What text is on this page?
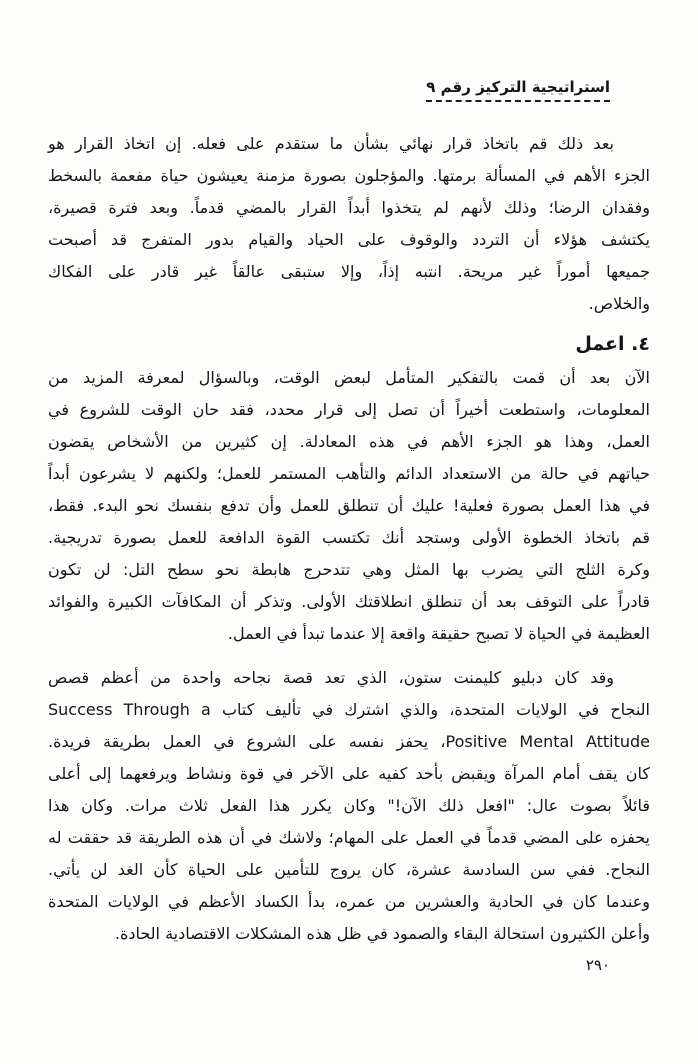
استراتيجية التركيز رقم ٩
بعد ذلك قم باتخاذ قرار نهائي بشأن ما ستقدم على فعله. إن اتخاذ القرار هو
الجزء الأهم في المسألة برمتها. والمؤجلون بصورة مزمنة يعيشون حياة مفعمة بالسخط
وفقدان الرضا؛ وذلك لأنهم لم يتخذوا أبداً القرار بالمضي قدماً. وبعد فترة قصيرة،
يكتشف هؤلاء أن التردد والوقوف على الحياد والقيام بدور المتفرج قد أصبحت
جميعها أموراً غير مريحة. انتبه إذاً، وإلا ستبقى عالقاً غير قادر على الفكاك
والخلاص.
٤. اعمل
الآن بعد أن قمت بالتفكير المتأمل لبعض الوقت، وبالسؤال لمعرفة المزيد من
المعلومات، واستطعت أخيراً أن تصل إلى قرار محدد، فقد حان الوقت للشروع في
العمل، وهذا هو الجزء الأهم في هذه المعادلة. إن كثيرين من الأشخاص يقضون
حياتهم في حالة من الاستعداد الدائم والتأهب المستمر للعمل؛ ولكنهم لا يشرعون أبداً
في هذا العمل بصورة فعلية! عليك أن تنطلق للعمل وأن تدفع بنفسك نحو البدء. فقط،
قم باتخاذ الخطوة الأولى وستجد أنك تكتسب القوة الدافعة للعمل بصورة تدريجية.
وكرة الثلج التي يضرب بها المثل وهي تتدحرج هابطة نحو سطح التل: لن تكون
قادراً على التوقف بعد أن تنطلق انطلاقتك الأولى. وتذكر أن المكافآت الكبيرة والفوائد
العظيمة في الحياة لا تصبح حقيقة واقعة إلا عندما تبدأ في العمل.
وقد كان دبليو كليمنت ستون، الذي تعد قصة نجاحه واحدة من أعظم قصص
النجاح في الولايات المتحدة، والذي اشترك في تأليف كتاب Success Through a
Positive Mental Attitude، يحفز نفسه على الشروع في العمل بطريقة فريدة.
كان يقف أمام المرآة ويقبض بأحد كفيه على الآخر في قوة ونشاط ويرفعهما إلى أعلى
قائلاً بصوت عال: "افعل ذلك الآن!" وكان يكرر هذا الفعل ثلاث مرات. وكان هذا
يحفزه على المضي قدماً في العمل على المهام؛ ولاشك في أن هذه الطريقة قد حققت له
النجاح. ففي سن السادسة عشرة، كان يروج للتأمين على الحياة كأن الغد لن يأتي.
وعندما كان في الحادية والعشرين من عمره، بدأ الكساد الأعظم في الولايات المتحدة
وأعلن الكثيرون استحالة البقاء والصمود في ظل هذه المشكلات الاقتصادية الحادة.
٢٩٠
